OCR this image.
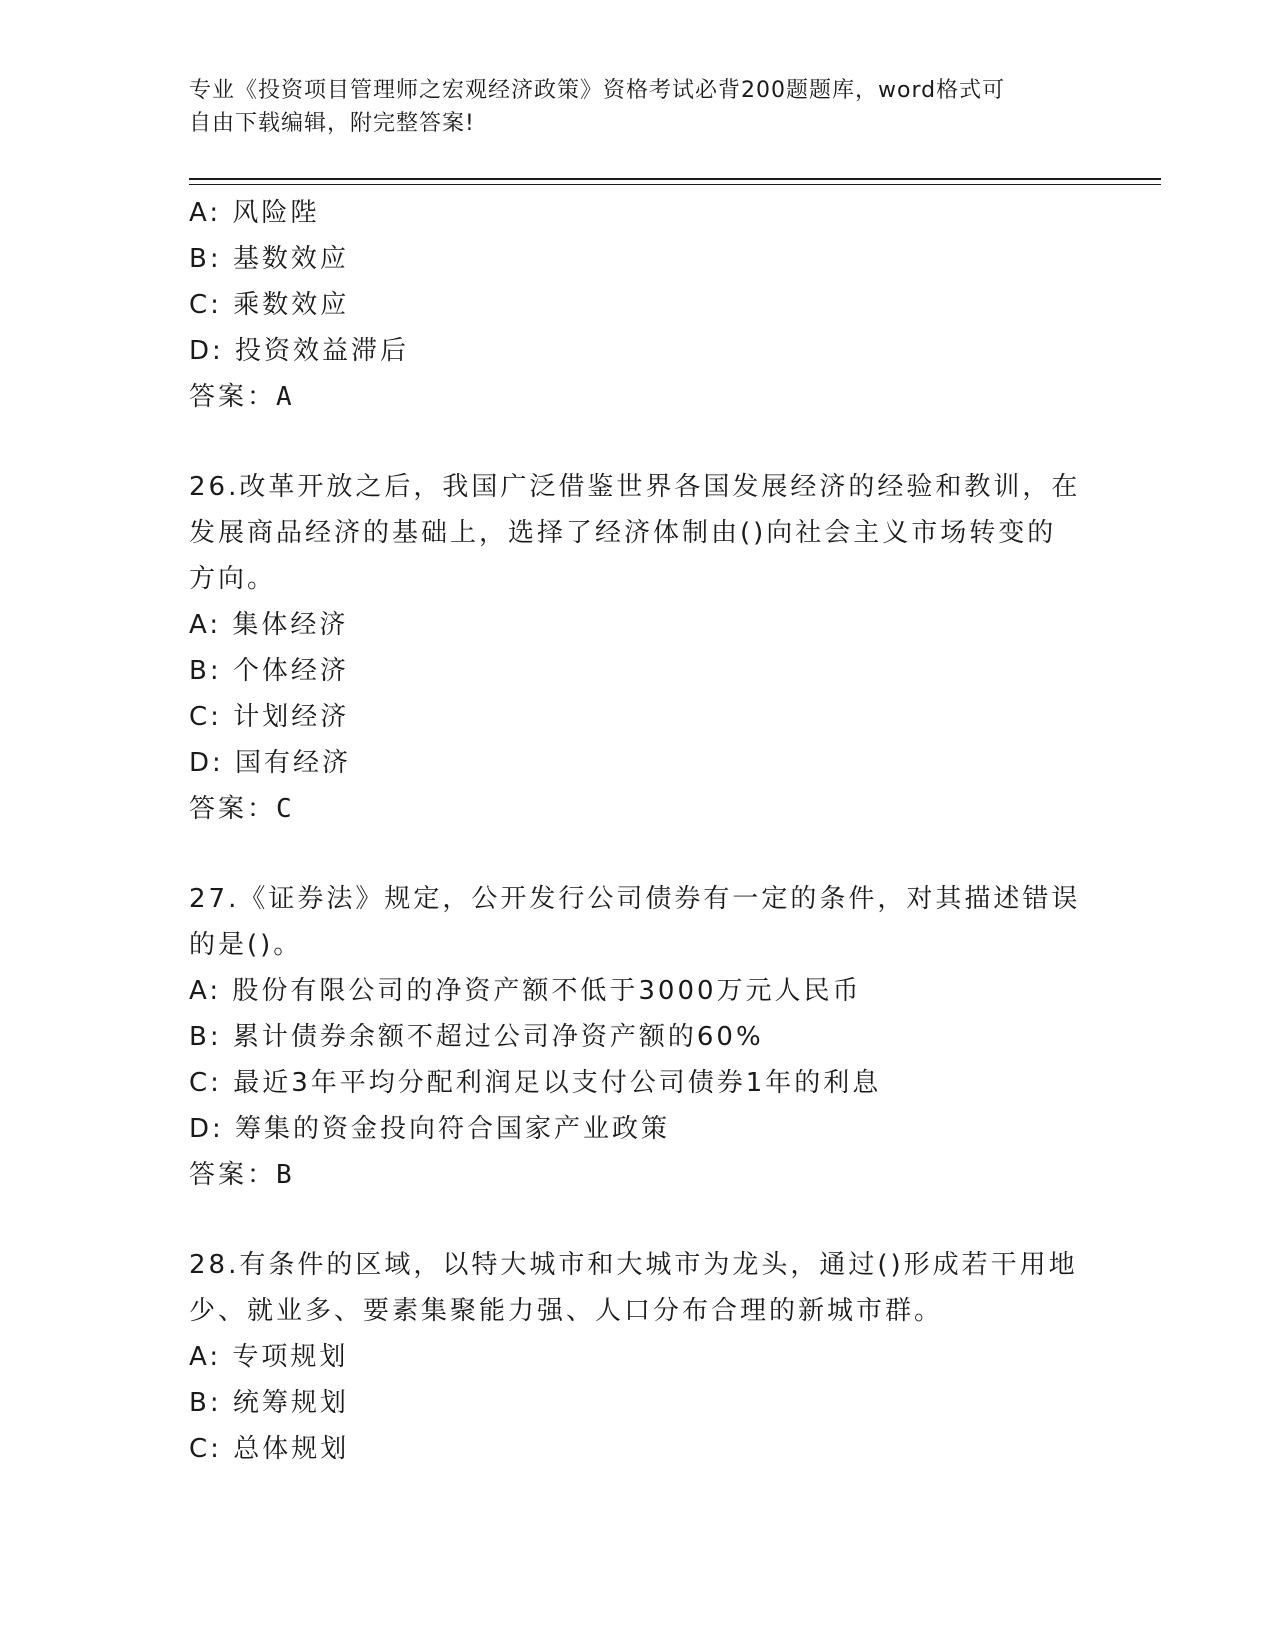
专业《投资项目管理师之宏观经济政策》资格考试必背200题题库，word格式可
自由下载编辑，附完整答案!
A: 风险陛
B: 基数效应
C: 乘数效应
D: 投资效益滞后
答案：A
26.改革开放之后，我国广泛借鉴世界各国发展经济的经验和教训，在
发展商品经济的基础上，选择了经济体制由()向社会主义市场转变的
方向。
A: 集体经济
B: 个体经济
C: 计划经济
D: 国有经济
答案：C
27.《证券法》规定，公开发行公司债券有一定的条件，对其描述错误
的是()。
A: 股份有限公司的净资产额不低于3000万元人民币
B: 累计债券余额不超过公司净资产额的60%
C: 最近3年平均分配利润足以支付公司债券1年的利息
D: 筹集的资金投向符合国家产业政策
答案：B
28.有条件的区域，以特大城市和大城市为龙头，通过()形成若干用地
少、就业多、要素集聚能力强、人口分布合理的新城市群。
A: 专项规划
B: 统筹规划
C: 总体规划
